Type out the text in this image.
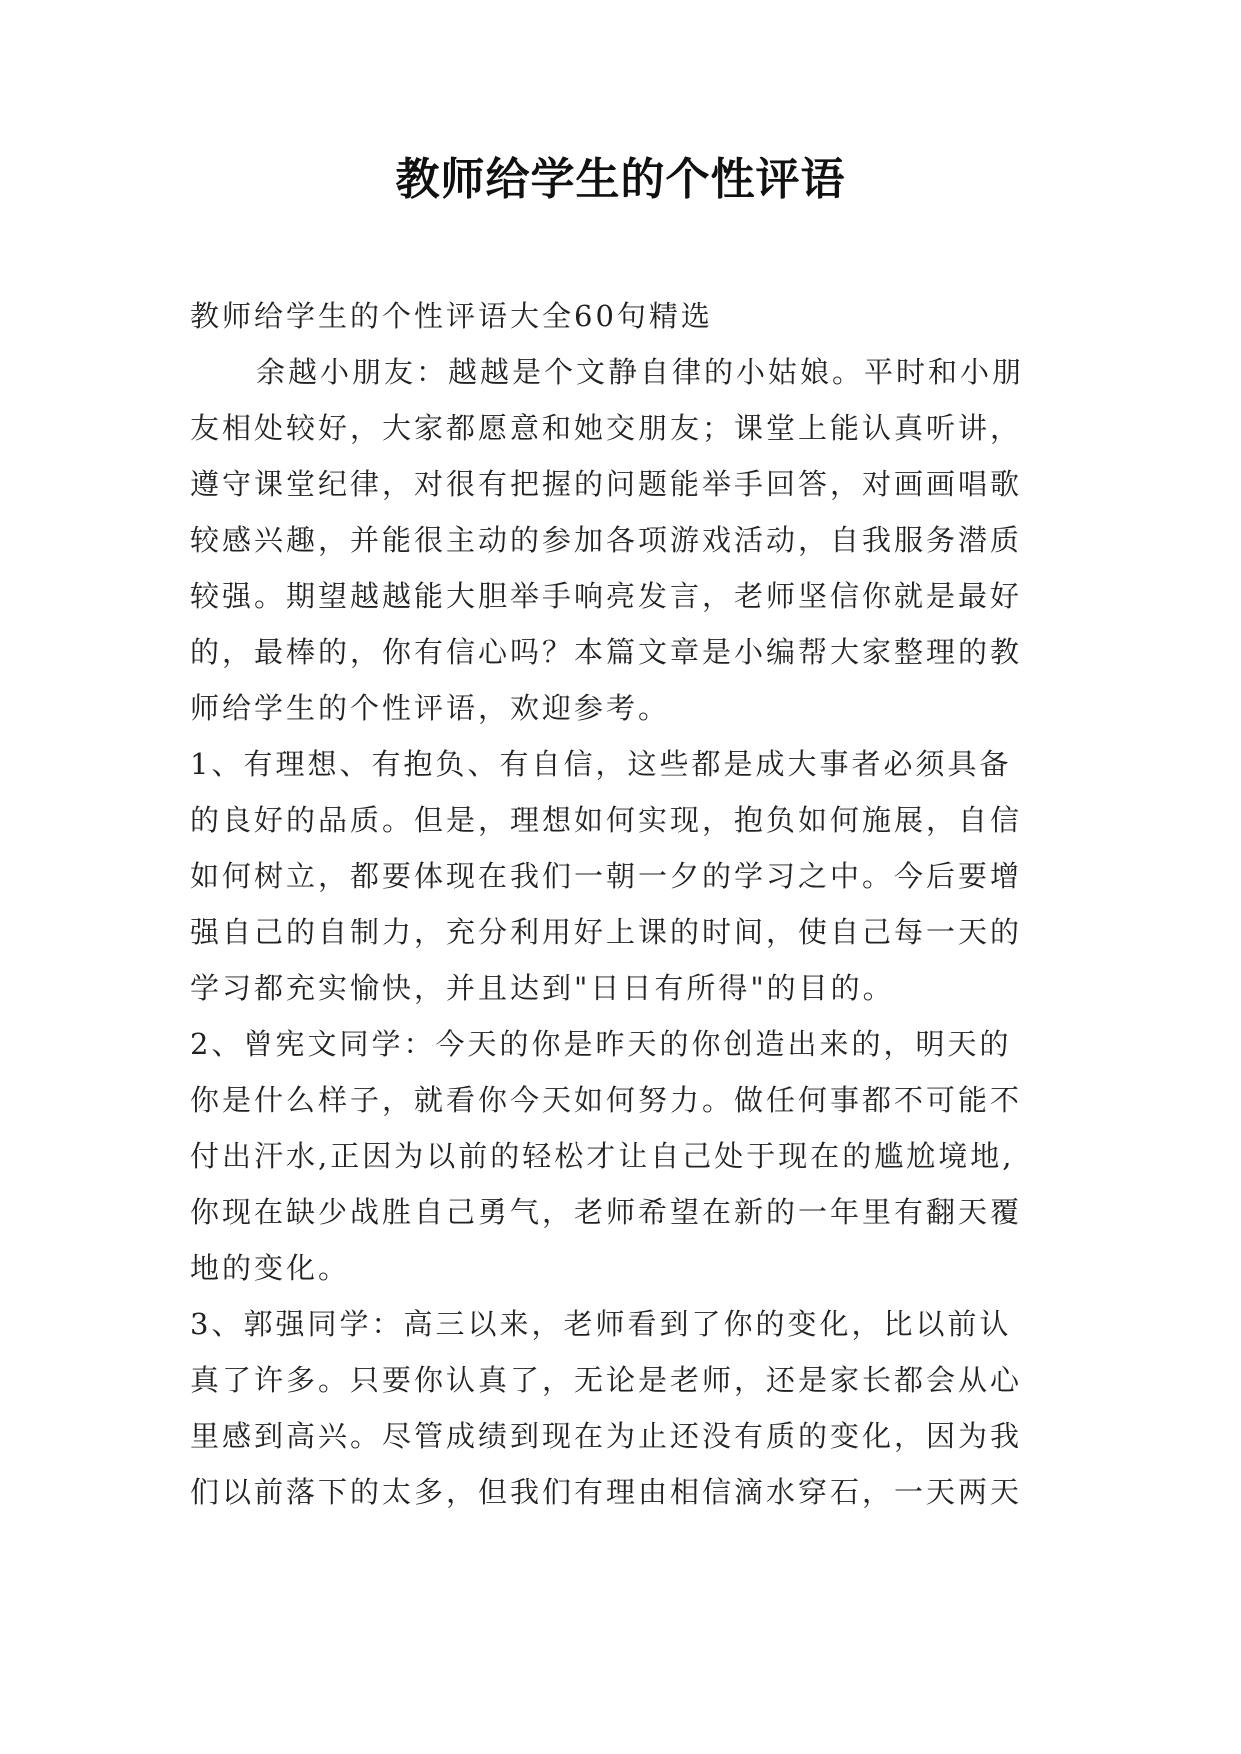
教师给学生的个性评语
教师给学生的个性评语大全60句精选
余越小朋友：越越是个文静自律的小姑娘。平时和小朋
友相处较好，大家都愿意和她交朋友；课堂上能认真听讲，
遵守课堂纪律，对很有把握的问题能举手回答，对画画唱歌
较感兴趣，并能很主动的参加各项游戏活动，自我服务潜质
较强。期望越越能大胆举手响亮发言，老师坚信你就是最好
的，最棒的，你有信心吗？本篇文章是小编帮大家整理的教
师给学生的个性评语，欢迎参考。
1、有理想、有抱负、有自信，这些都是成大事者必须具备
的良好的品质。但是，理想如何实现，抱负如何施展，自信
如何树立，都要体现在我们一朝一夕的学习之中。今后要增
强自己的自制力，充分利用好上课的时间，使自己每一天的
学习都充实愉快，并且达到"日日有所得"的目的。
2、曾宪文同学：今天的你是昨天的你创造出来的，明天的
你是什么样子，就看你今天如何努力。做任何事都不可能不
付出汗水,正因为以前的轻松才让自己处于现在的尴尬境地,
你现在缺少战胜自己勇气，老师希望在新的一年里有翻天覆
地的变化。
3、郭强同学：高三以来，老师看到了你的变化，比以前认
真了许多。只要你认真了，无论是老师，还是家长都会从心
里感到高兴。尽管成绩到现在为止还没有质的变化，因为我
们以前落下的太多，但我们有理由相信滴水穿石，一天两天
